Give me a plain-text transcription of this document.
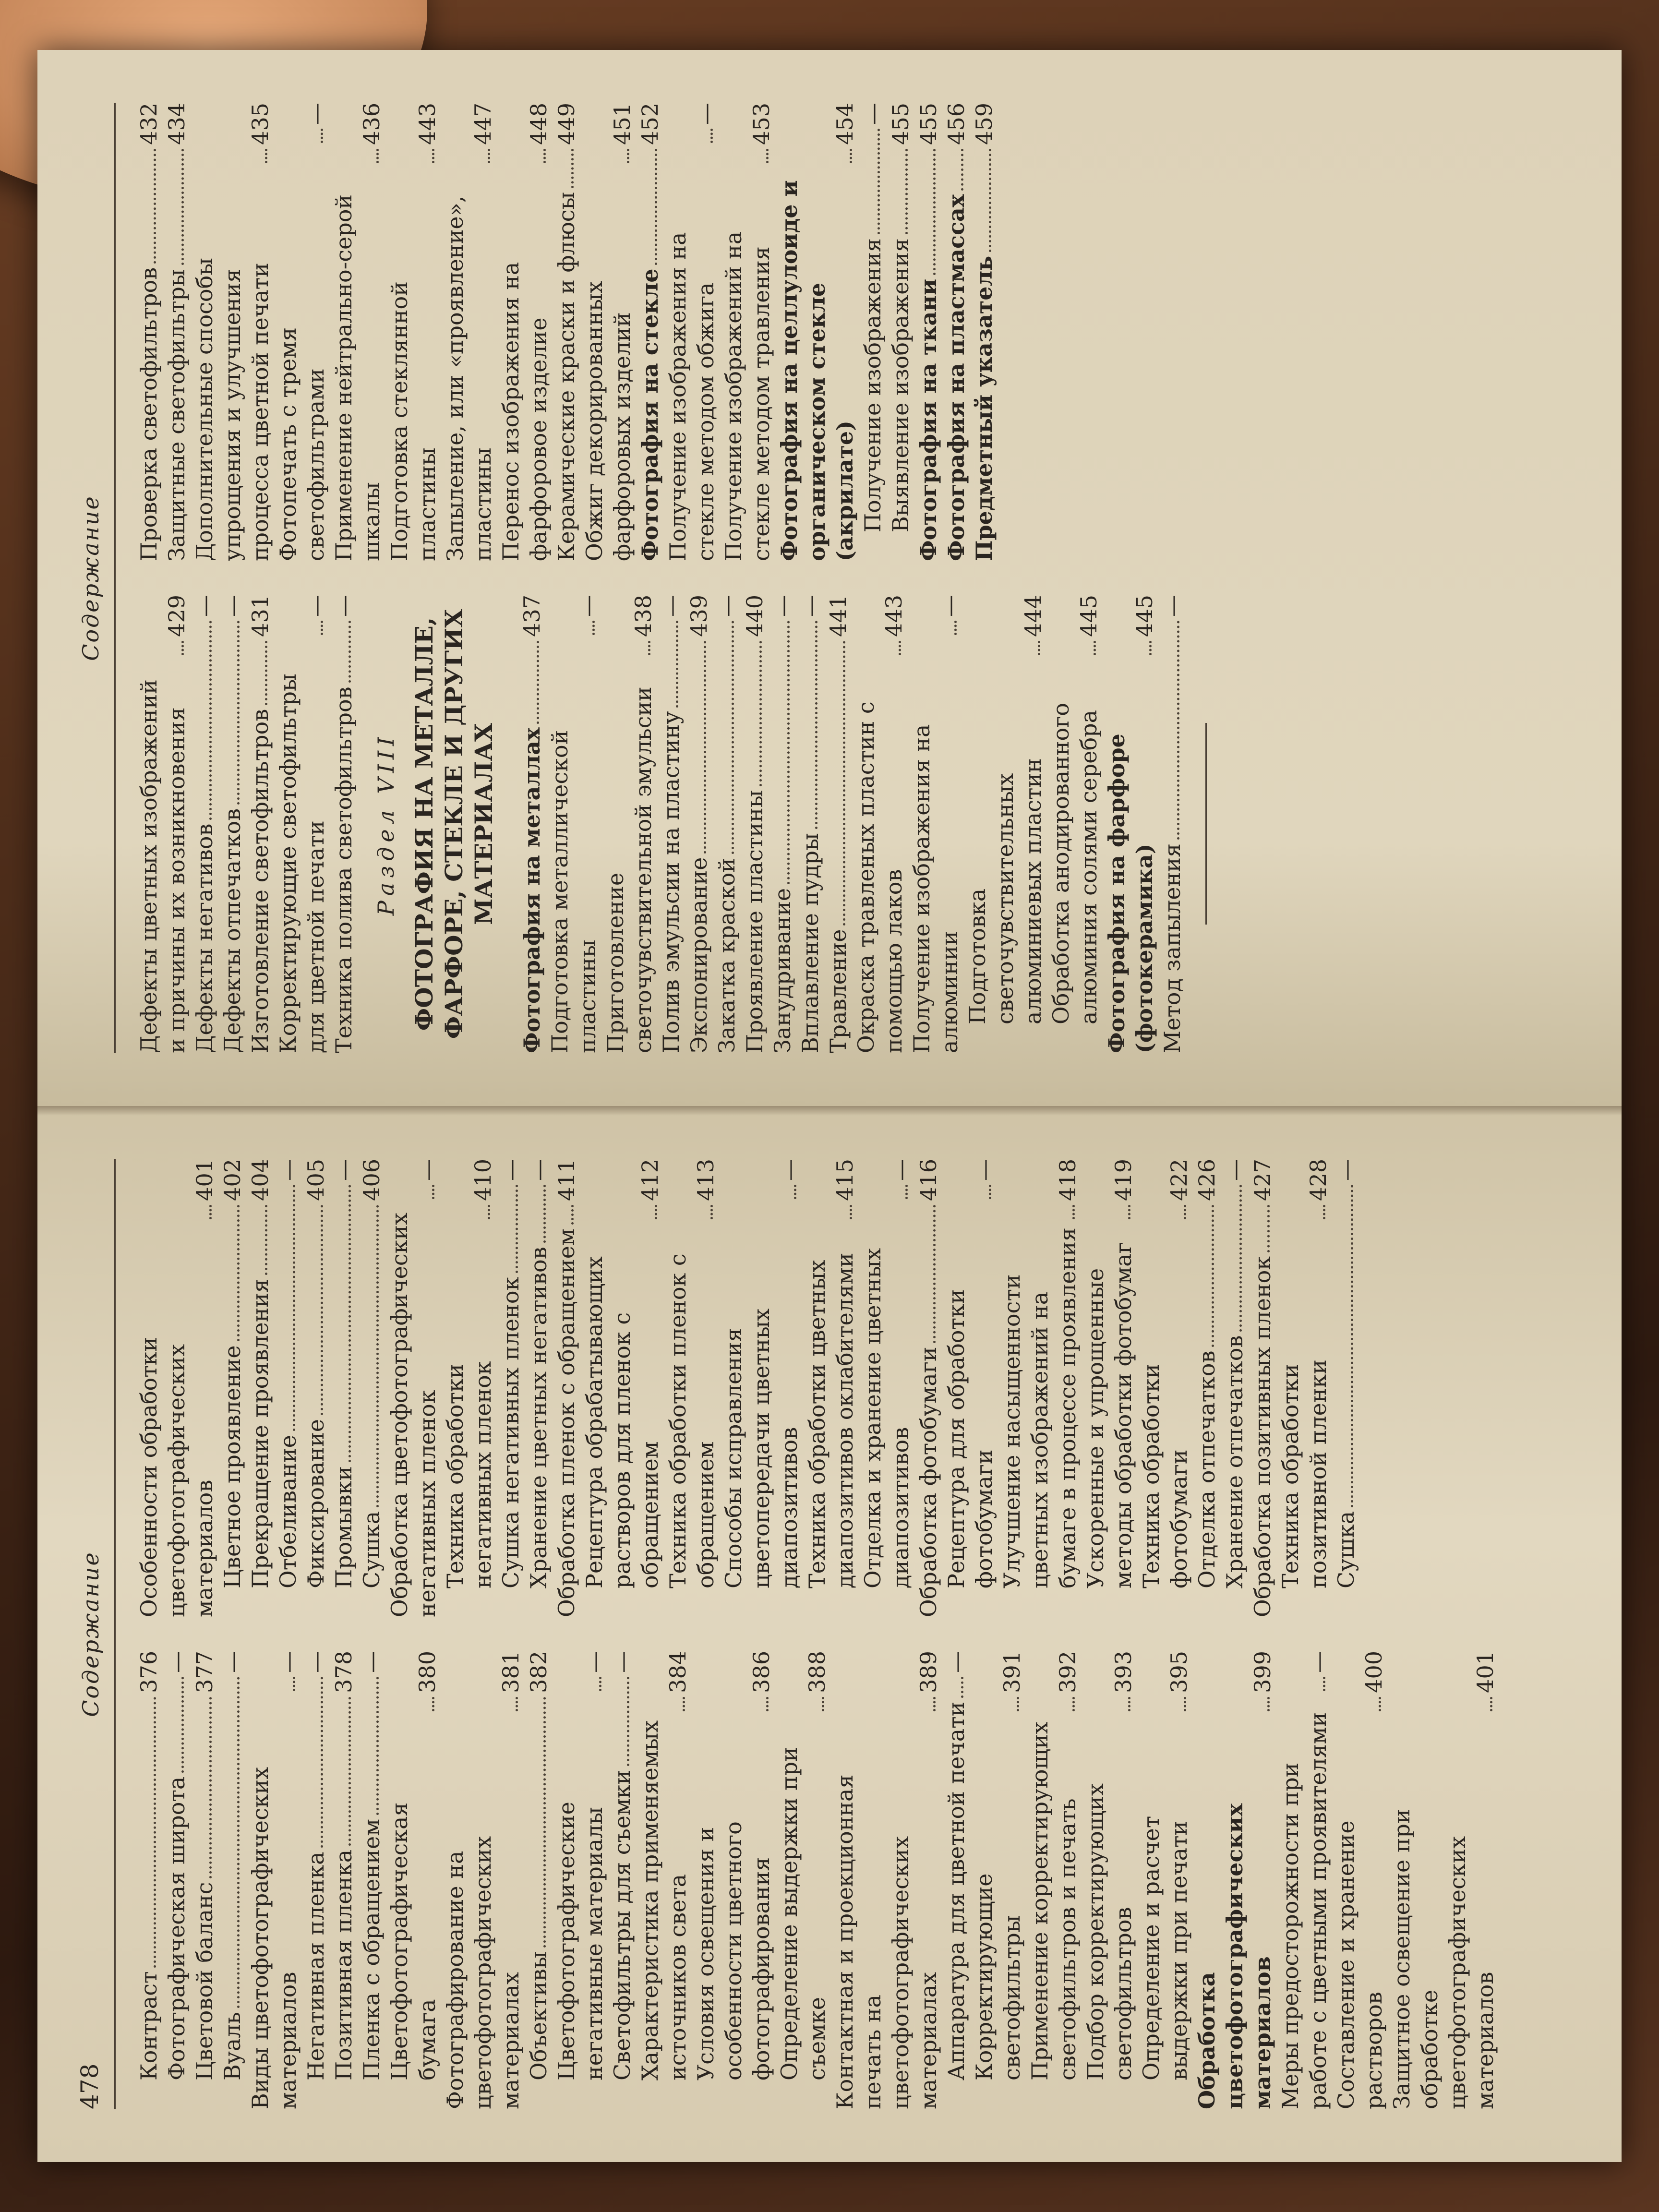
478
Содержание
Контраст
376
Фотографическая широта
—
Цветовой баланс
377
Вуаль
—
Виды цветофотографических материалов
—
Негативная пленка
—
Позитивная пленка
378
Пленка с обращением
—
Цветофотографическая бумага
380
Фотографирование на цветофотографических материалах
381
Объективы
382
Цветофотографические негативные материалы
—
Светофильтры для съемки
—
Характеристика применяемых источников света
384
Условия освещения и особенности цветного фотографирования
386
Определение выдержки при съемке
388
Контактная и проекционная печать на цветофотографических материалах
389
Аппаратура для цветной печати
—
Корректирующие светофильтры
391
Применение корректирующих светофильтров и печать
392
Подбор корректирующих светофильтров
393
Определение и расчет выдержки при печати
395
Обработка цветофотографических материалов
399
Меры предосторожности при работе с цветными проявителями
—
Составление и хранение растворов
400
Защитное освещение при обработке цветофотографических материалов
401
Особенности обработки цветофотографических материалов
401
Цветное проявление
402
Прекращение проявления
404
Отбеливание
—
Фиксирование
405
Промывки
—
Сушка
406
Обработка цветофотографических негативных пленок
—
Техника обработки негативных пленок
410
Сушка негативных пленок
—
Хранение цветных негативов
—
Обработка пленок с обращением
411
Рецептура обрабатывающих растворов для пленок с обращением
412
Техника обработки пленок с обращением
413
Способы исправления цветопередачи цветных диапозитивов
—
Техника обработки цветных диапозитивов оклабителями
415
Отделка и хранение цветных диапозитивов
—
Обработка фотобумаги
416
Рецептура для обработки фотобумаги
—
Улучшение насыщенности цветных изображений на бумаге в процессе проявления
418
Ускоренные и упрощенные методы обработки фотобумаг
419
Техника обработки фотобумаги
422
Отделка отпечатков
426
Хранение отпечатков
—
Обработка позитивных пленок
427
Техника обработки позитивной пленки
428
Сушка
—
Содержание
Дефекты цветных изображений и причины их возникновения
429
Дефекты негативов
—
Дефекты отпечатков
—
Изготовление светофильтров
431
Корректирующие светофильтры для цветной печати
—
Техника полива светофильтров
—
Раздел VIII ФОТОГРАФИЯ НА МЕТАЛЛЕ, ФАРФОРЕ, СТЕКЛЕ И ДРУГИХ МАТЕРИАЛАХ Фотография на металлах
437
Подготовка металлической пластины
—
Приготовление светочувствительной эмульсии
438
Полив эмульсии на пластину
—
Экспонирование
439
Закатка краской
—
Проявление пластины
440
Занудривание
—
Вплавление пудры
—
Травление
441
Окраска травленых пластин с помощью лаков
443
Получение изображения на алюминии
—
Подготовка светочувствительных алюминиевых пластин
444
Обработка анодированного алюминия солями серебра
445
Фотография на фарфоре (фотокерамика)
445
Метод запыления
—
Проверка светофильтров
432
Защитные светофильтры
434
Дополнительные способы упрощения и улучшения процесса цветной печати
435
Фотопечать с тремя светофильтрами
—
Применение нейтрально-серой шкалы
436
Подготовка стеклянной пластины
443
Запыление, или «проявление», пластины
447
Перенос изображения на фарфоровое изделие
448
Керамические краски и флюсы
449
Обжиг декорированных фарфоровых изделий
451
Фотография на стекле
452
Получение изображения на стекле методом обжига
—
Получение изображений на стекле методом травления
453
Фотография на целлулоиде и органическом стекле (акрилате)
454
Получение изображения
—
Выявление изображения
455
Фотография на ткани
455
Фотография на пластмассах
456
Предметный указатель
459
